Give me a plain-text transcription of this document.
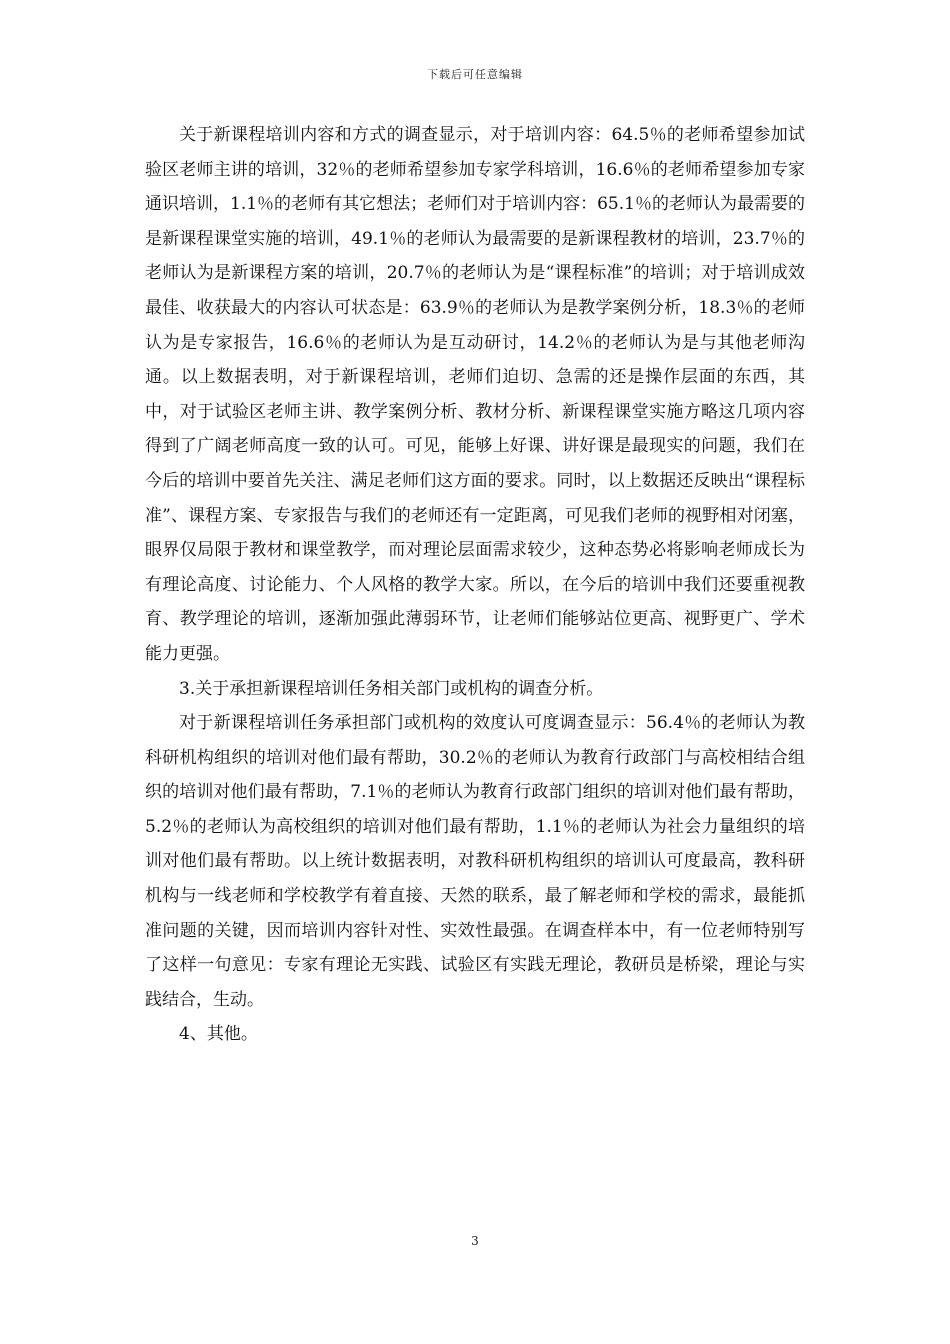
下载后可任意编辑

关于新课程培训内容和方式的调查显示，对于培训内容：64.5％的老师希望参加试验区老师主讲的培训，32％的老师希望参加专家学科培训，16.6％的老师希望参加专家通识培训，1.1％的老师有其它想法；老师们对于培训内容：65.1％的老师认为最需要的是新课程课堂实施的培训，49.1％的老师认为最需要的是新课程教材的培训，23.7％的老师认为是新课程方案的培训，20.7％的老师认为是“课程标准”的培训；对于培训成效最佳、收获最大的内容认可状态是：63.9％的老师认为是教学案例分析，18.3％的老师认为是专家报告，16.6％的老师认为是互动研讨，14.2％的老师认为是与其他老师沟通。以上数据表明，对于新课程培训，老师们迫切、急需的还是操作层面的东西，其中，对于试验区老师主讲、教学案例分析、教材分析、新课程课堂实施方略这几项内容得到了广阔老师高度一致的认可。可见，能够上好课、讲好课是最现实的问题，我们在今后的培训中要首先关注、满足老师们这方面的要求。同时，以上数据还反映出“课程标准”、课程方案、专家报告与我们的老师还有一定距离，可见我们老师的视野相对闭塞，眼界仅局限于教材和课堂教学，而对理论层面需求较少，这种态势必将影响老师成长为有理论高度、讨论能力、个人风格的教学大家。所以，在今后的培训中我们还要重视教育、教学理论的培训，逐渐加强此薄弱环节，让老师们能够站位更高、视野更广、学术能力更强。

3.关于承担新课程培训任务相关部门或机构的调查分析。

对于新课程培训任务承担部门或机构的效度认可度调查显示：56.4％的老师认为教科研机构组织的培训对他们最有帮助，30.2％的老师认为教育行政部门与高校相结合组织的培训对他们最有帮助，7.1％的老师认为教育行政部门组织的培训对他们最有帮助，5.2％的老师认为高校组织的培训对他们最有帮助，1.1％的老师认为社会力量组织的培训对他们最有帮助。以上统计数据表明，对教科研机构组织的培训认可度最高，教科研机构与一线老师和学校教学有着直接、天然的联系，最了解老师和学校的需求，最能抓准问题的关键，因而培训内容针对性、实效性最强。在调查样本中，有一位老师特别写了这样一句意见：专家有理论无实践、试验区有实践无理论，教研员是桥梁，理论与实践结合，生动。

4、其他。

3
